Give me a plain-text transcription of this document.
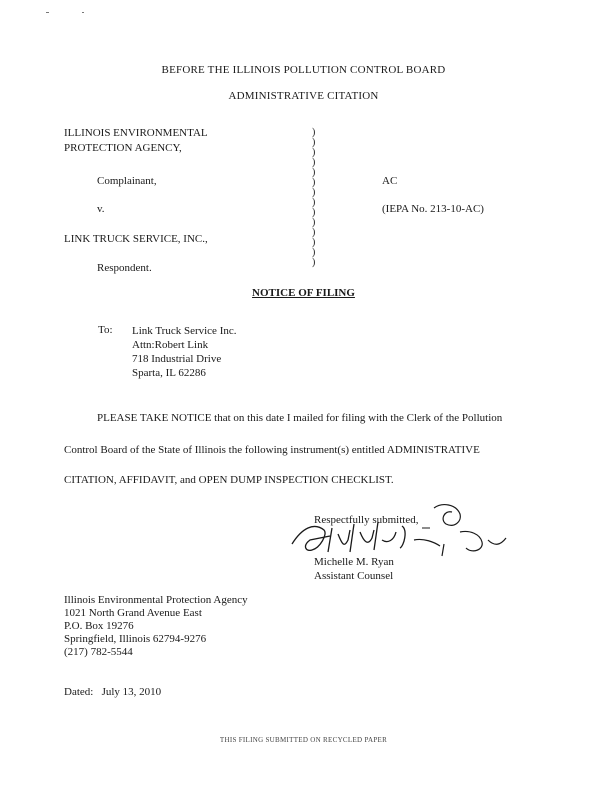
BEFORE THE ILLINOIS POLLUTION CONTROL BOARD
ADMINISTRATIVE CITATION
ILLINOIS ENVIRONMENTAL
PROTECTION AGENCY,
Complainant,
v.
LINK TRUCK SERVICE, INC.,
Respondent.
)
)
)
)
)
)
)
)
)
)
)
)
)
)
AC
(IEPA No. 213-10-AC)
NOTICE OF FILING
To: Link Truck Service Inc.
Attn:Robert Link
718 Industrial Drive
Sparta, IL 62286
PLEASE TAKE NOTICE that on this date I mailed for filing with the Clerk of the Pollution
Control Board of the State of Illinois the following instrument(s) entitled ADMINISTRATIVE
CITATION, AFFIDAVIT, and OPEN DUMP INSPECTION CHECKLIST.
Respectfully submitted,
Michelle M. Ryan
Assistant Counsel
Illinois Environmental Protection Agency
1021 North Grand Avenue East
P.O. Box 19276
Springfield, Illinois 62794-9276
(217) 782-5544
Dated:   July 13, 2010
THIS FILING SUBMITTED ON RECYCLED PAPER
